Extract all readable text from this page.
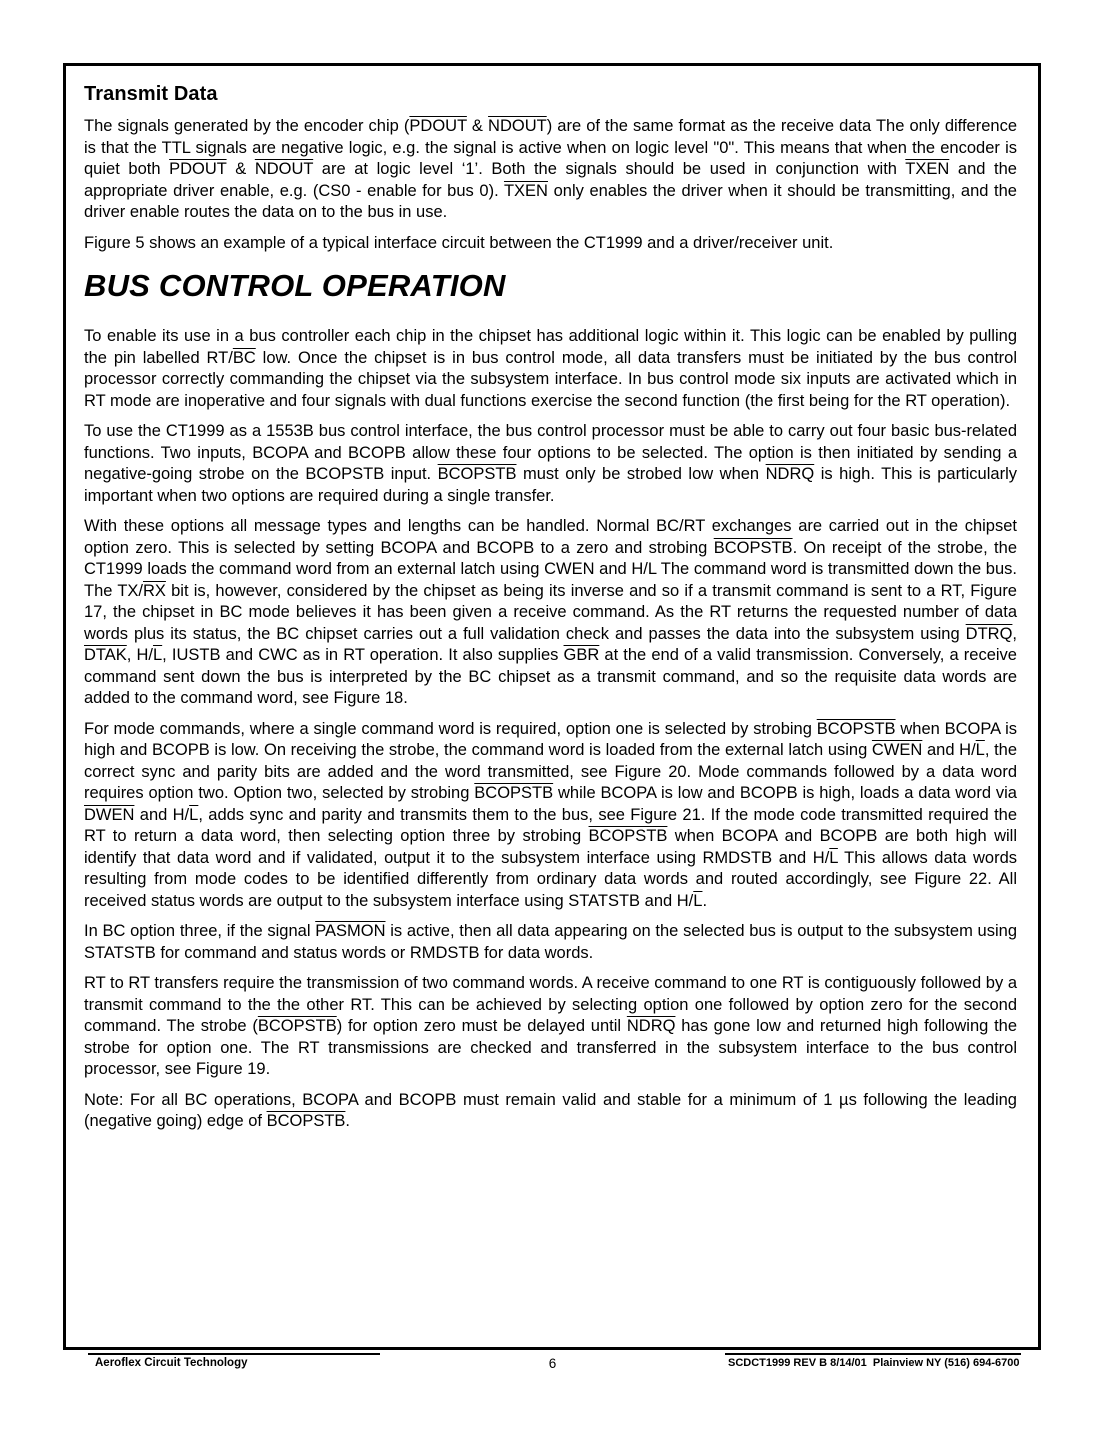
Transmit Data

The signals generated by the encoder chip (PDOUT & NDOUT) are of the same format as the receive data The only difference is that the TTL signals are negative logic, e.g. the signal is active when on logic level "0". This means that when the encoder is quiet both PDOUT & NDOUT are at logic level ‘1’. Both the signals should be used in conjunction with TXEN and the appropriate driver enable, e.g. (CS0 - enable for bus 0). TXEN only enables the driver when it should be transmitting, and the driver enable routes the data on to the bus in use.

Figure 5 shows an example of a typical interface circuit between the CT1999 and a driver/receiver unit.

BUS CONTROL OPERATION

To enable its use in a bus controller each chip in the chipset has additional logic within it. This logic can be enabled by pulling the pin labelled $RT/\overline{BC}$ low. Once the chipset is in bus control mode, all data transfers must be initiated by the bus control processor correctly commanding the chipset via the subsystem interface. In bus control mode six inputs are activated which in RT mode are inoperative and four signals with dual functions exercise the second function (the first being for the RT operation).

To use the CT1999 as a 1553B bus control interface, the bus control processor must be able to carry out four basic bus-related functions. Two inputs, BCOPA and BCOPB allow these four options to be selected. The option is then initiated by sending a negative-going strobe on the BCOPSTB input. BCOPSTB must only be strobed low when NDRQ is high. This is particularly important when two options are required during a single transfer.

With these options all message types and lengths can be handled. Normal BC/RT exchanges are carried out in the chipset option zero. This is selected by setting BCOPA and BCOPB to a zero and strobing BCOPSTB. On receipt of the strobe, the CT1999 loads the command word from an external latch using CWEN and H/L The command word is transmitted down the bus. The $TX/\overline{RX}$ bit is, however, considered by the chipset as being its inverse and so if a transmit command is sent to a RT, Figure 17, the chipset in BC mode believes it has been given a receive command. As the RT returns the requested number of data words plus its status, the BC chipset carries out a full validation check and passes the data into the subsystem using DTRQ, DTAK, $H/\overline{L}$, IUSTB and CWC as in RT operation. It also supplies $\overline{GBR}$ at the end of a valid transmission. Conversely, a receive command sent down the bus is interpreted by the BC chipset as a transmit command, and so the requisite data words are added to the command word, see Figure 18.

For mode commands, where a single command word is required, option one is selected by strobing BCOPSTB when BCOPA is high and BCOPB is low. On receiving the strobe, the command word is loaded from the external latch using CWEN and $H/\overline{L}$, the correct sync and parity bits are added and the word transmitted, see Figure 20. Mode commands followed by a data word requires option two. Option two, selected by strobing BCOPSTB while BCOPA is low and BCOPB is high, loads a data word via DWEN and $H/\overline{L}$, adds sync and parity and transmits them to the bus, see Figure 21. If the mode code transmitted required the RT to return a data word, then selecting option three by strobing BCOPSTB when BCOPA and BCOPB are both high will identify that data word and if validated, output it to the subsystem interface using RMDSTB and $H/\overline{L}$ This allows data words resulting from mode codes to be identified differently from ordinary data words and routed accordingly, see Figure 22. All received status words are output to the subsystem interface using STATSTB and $H/\overline{L}$.

In BC option three, if the signal PASMON is active, then all data appearing on the selected bus is output to the subsystem using STATSTB for command and status words or RMDSTB for data words.

RT to RT transfers require the transmission of two command words. A receive command to one RT is contiguously followed by a transmit command to the the other RT. This can be achieved by selecting option one followed by option zero for the second command. The strobe (BCOPSTB) for option zero must be delayed until NDRQ has gone low and returned high following the strobe for option one. The RT transmissions are checked and transferred in the subsystem interface to the bus control processor, see Figure 19.

Note: For all BC operations, BCOPA and BCOPB must remain valid and stable for a minimum of 1 µs following the leading (negative going) edge of BCOPSTB.

Aeroflex Circuit Technology	6	SCDCT1999 REV B 8/14/01  Plainview NY (516) 694-6700
